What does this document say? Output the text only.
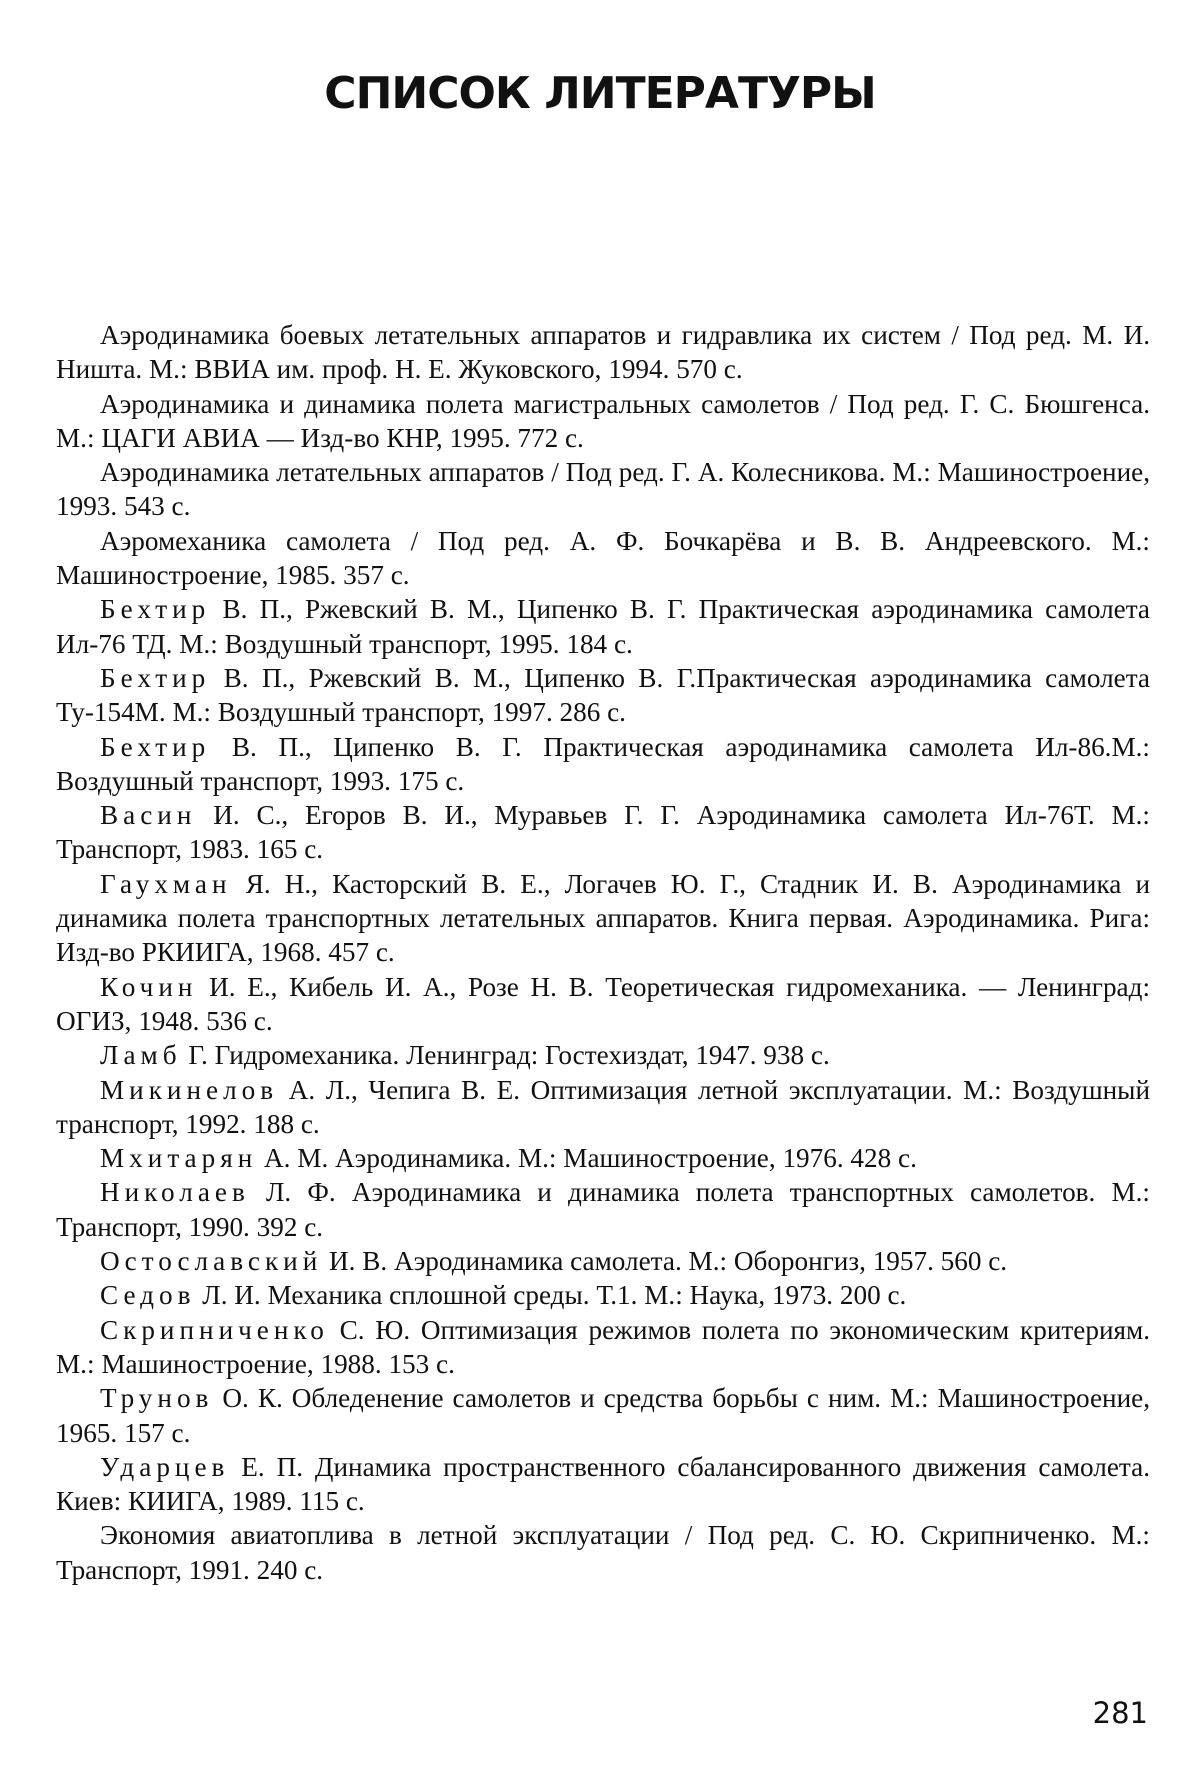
СПИСОК ЛИТЕРАТУРЫ
Аэродинамика боевых летательных аппаратов и гидравлика их систем / Под ред. М. И. Ништа. М.: ВВИА им. проф. Н. Е. Жуковского, 1994. 570 с.
Аэродинамика и динамика полета магистральных самолетов / Под ред. Г. С. Бюшгенса. М.: ЦАГИ АВИА — Изд-во КНР, 1995. 772 с.
Аэродинамика летательных аппаратов / Под ред. Г. А. Колесникова. М.: Машиностроение, 1993. 543 с.
Аэромеханика самолета / Под ред. А. Ф. Бочкарёва и В. В. Андреевского. М.: Машиностроение, 1985. 357 с.
Бехтир В. П., Ржевский В. М., Ципенко В. Г. Практическая аэродинамика самолета Ил-76 ТД. М.: Воздушный транспорт, 1995. 184 с.
Бехтир В. П., Ржевский В. М., Ципенко В. Г.Практическая аэродинамика самолета Ту-154М. М.: Воздушный транспорт, 1997. 286 с.
Бехтир В. П., Ципенко В. Г. Практическая аэродинамика самолета Ил-86.М.: Воздушный транспорт, 1993. 175 с.
Васин И. С., Егоров В. И., Муравьев Г. Г. Аэродинамика самолета Ил-76Т. М.: Транспорт, 1983. 165 с.
Гаухман Я. Н., Касторский В. Е., Логачев Ю. Г., Стадник И. В. Аэродинамика и динамика полета транспортных летательных аппаратов. Книга первая. Аэродинамика. Рига: Изд-во РКИИГА, 1968. 457 с.
Кочин И. Е., Кибель И. А., Розе Н. В. Теоретическая гидромеханика. — Ленинград: ОГИЗ, 1948. 536 с.
Ламб Г. Гидромеханика. Ленинград: Гостехиздат, 1947. 938 с.
Микинелов А. Л., Чепига В. Е. Оптимизация летной эксплуатации. М.: Воздушный транспорт, 1992. 188 с.
Мхитарян А. М. Аэродинамика. М.: Машиностроение, 1976. 428 с.
Николаев Л. Ф. Аэродинамика и динамика полета транспортных самолетов. М.: Транспорт, 1990. 392 с.
Остославский И. В. Аэродинамика самолета. М.: Оборонгиз, 1957. 560 с.
Седов Л. И. Механика сплошной среды. Т.1. М.: Наука, 1973. 200 с.
Скрипниченко С. Ю. Оптимизация режимов полета по экономическим критериям. М.: Машиностроение, 1988. 153 с.
Трунов О. К. Обледенение самолетов и средства борьбы с ним. М.: Машиностроение, 1965. 157 с.
Ударцев Е. П. Динамика пространственного сбалансированного движения самолета. Киев: КИИГА, 1989. 115 с.
Экономия авиатоплива в летной эксплуатации / Под ред. С. Ю. Скрипниченко. М.: Транспорт, 1991. 240 с.
281
